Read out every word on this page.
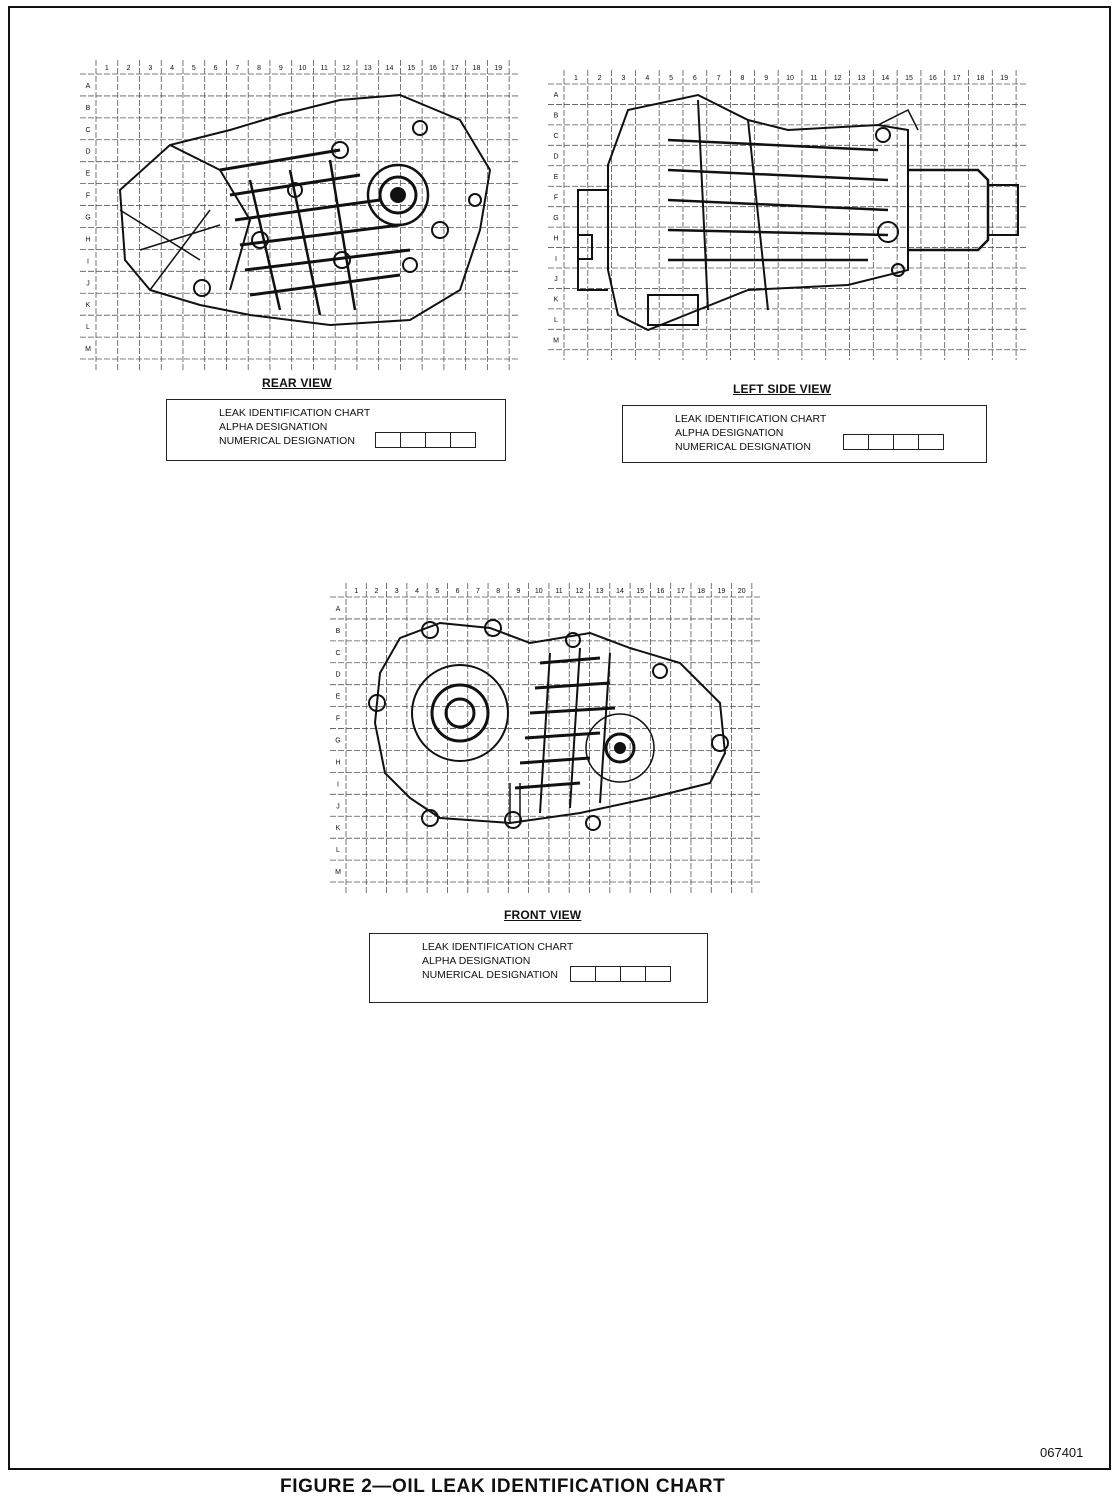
1	2	3	4	5	6	7	8	9 10 11 12 13 14 15 16 17 18 19
A
B
C
D
E
F
G
H
I
J
K
L
M
REAR VIEW
LEAK IDENTIFICATION CHART
ALPHA DESIGNATION
NUMERICAL DESIGNATION
1	2	3	4	5	6	7	8	9	10 11 12 13 14 15 16 17 18 19
A
B
C
D
E
F
G
H
I
J
K
L
M
LEFT SIDE VIEW
LEAK IDENTIFICATION CHART
ALPHA DESIGNATION
NUMERICAL DESIGNATION
1 2 3 4 5 6 7 8 9 10 11 12 13 14 15 16 17 18 19 20
A
B
C
D
E
F
G
H
I
J
K
L
M
FRONT VIEW
LEAK IDENTIFICATION CHART
ALPHA DESIGNATION
NUMERICAL DESIGNATION
067401
FIGURE 2—OIL LEAK IDENTIFICATION CHART
